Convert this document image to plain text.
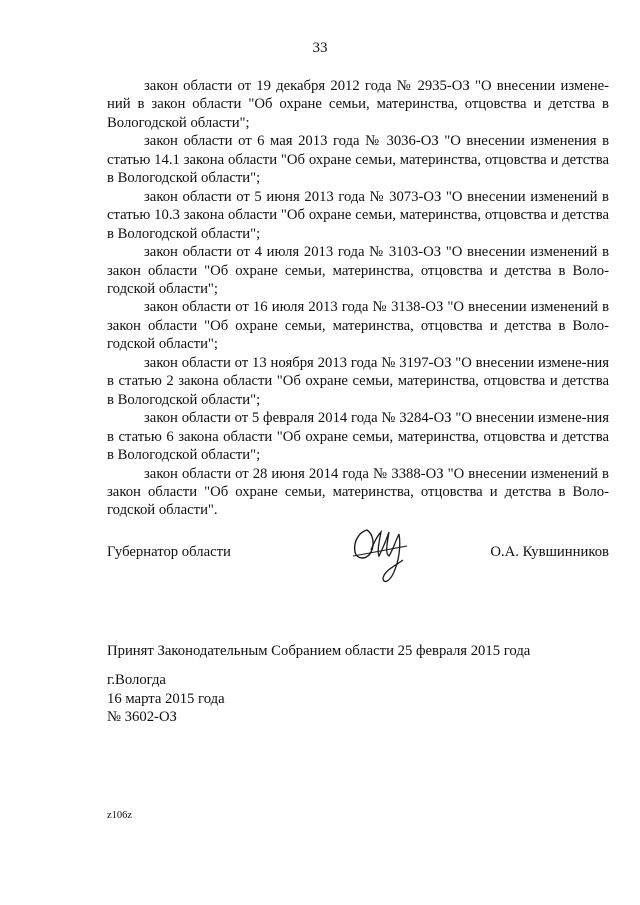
33

закон области от 19 декабря 2012 года № 2935-ОЗ "О внесении измене-ний в закон области "Об охране семьи, материнства, отцовства и детства в Вологодской области";

закон области от 6 мая 2013 года № 3036-ОЗ "О внесении изменения в статью 14.1 закона области "Об охране семьи, материнства, отцовства и детства в Вологодской области";

закон области от 5 июня 2013 года № 3073-ОЗ "О внесении изменений в статью 10.3 закона области "Об охране семьи, материнства, отцовства и детства в Вологодской области";

закон области от 4 июля 2013 года № 3103-ОЗ "О внесении изменений в закон области "Об охране семьи, материнства, отцовства и детства в Воло-годской области";

закон области от 16 июля 2013 года № 3138-ОЗ "О внесении изменений в закон области "Об охране семьи, материнства, отцовства и детства в Воло-годской области";

закон области от 13 ноября 2013 года № 3197-ОЗ "О внесении измене-ния в статью 2 закона области "Об охране семьи, материнства, отцовства и детства в Вологодской области";

закон области от 5 февраля 2014 года № 3284-ОЗ "О внесении измене-ния в статью 6 закона области "Об охране семьи, материнства, отцовства и детства в Вологодской области";

закон области от 28 июня 2014 года № 3388-ОЗ "О внесении изменений в закон области "Об охране семьи, материнства, отцовства и детства в Воло-годской области".

Губернатор области	О.А. Кувшинников
Принят Законодательным Собранием области 25 февраля 2015 года
г.Вологда
16 марта 2015 года
№ 3602-ОЗ
z106z
